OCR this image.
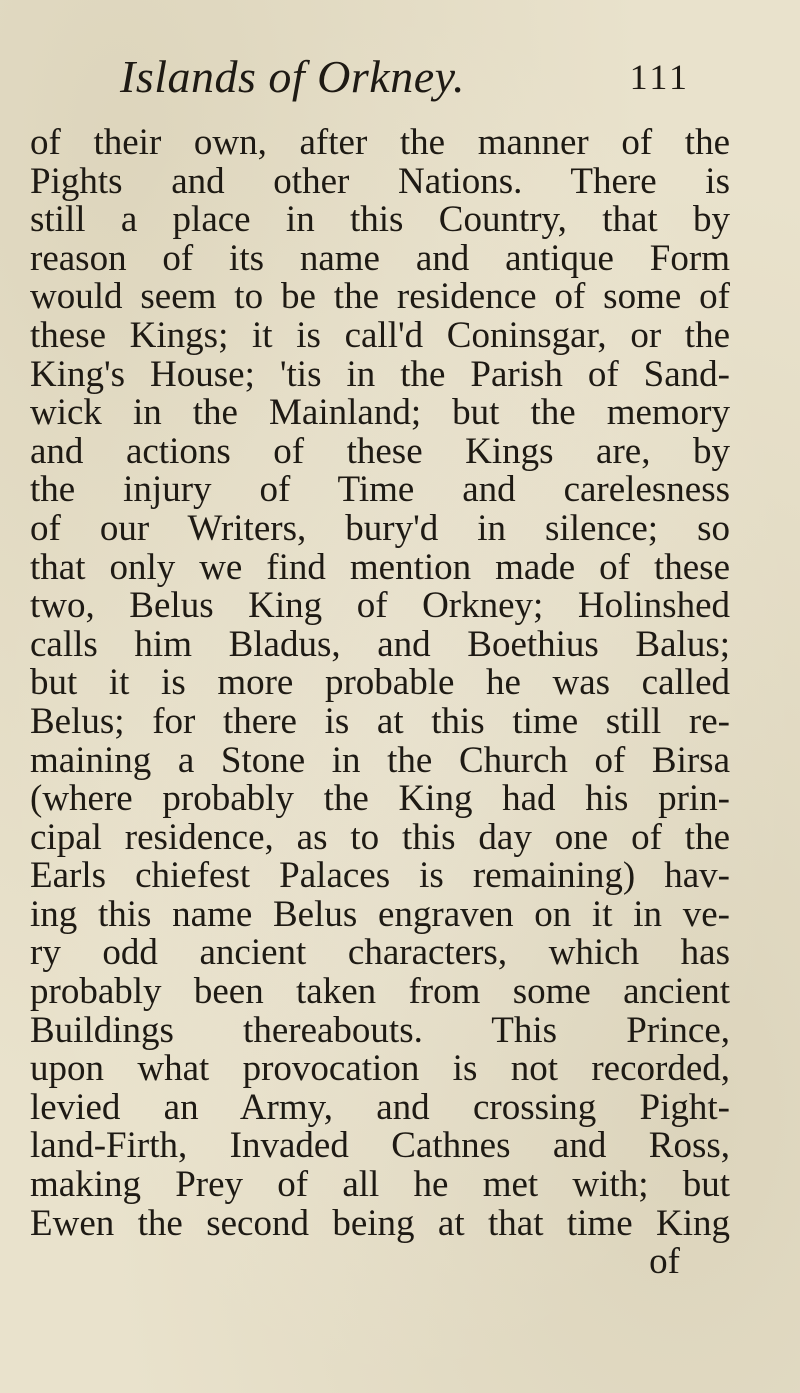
Islands of Orkney.	111
of their own, after the manner of the
Pights and other Nations. There is
still a place in this Country, that by
reason of its name and antique Form
would seem to be the residence of some of
these Kings; it is call'd Coninsgar, or the
King's House; 'tis in the Parish of Sand-
wick in the Mainland; but the memory
and actions of these Kings are, by
the injury of Time and carelesness
of our Writers, bury'd in silence; so
that only we find mention made of these
two, Belus King of Orkney; Holinshed
calls him Bladus, and Boethius Balus;
but it is more probable he was called
Belus; for there is at this time still re-
maining a Stone in the Church of Birsa
(where probably the King had his prin-
cipal residence, as to this day one of the
Earls chiefest Palaces is remaining) hav-
ing this name Belus engraven on it in ve-
ry odd ancient characters, which has
probably been taken from some ancient
Buildings thereabouts. This Prince,
upon what provocation is not recorded,
levied an Army, and crossing Pight-
land-Firth, Invaded Cathnes and Ross,
making Prey of all he met with; but
Ewen the second being at that time King
of
